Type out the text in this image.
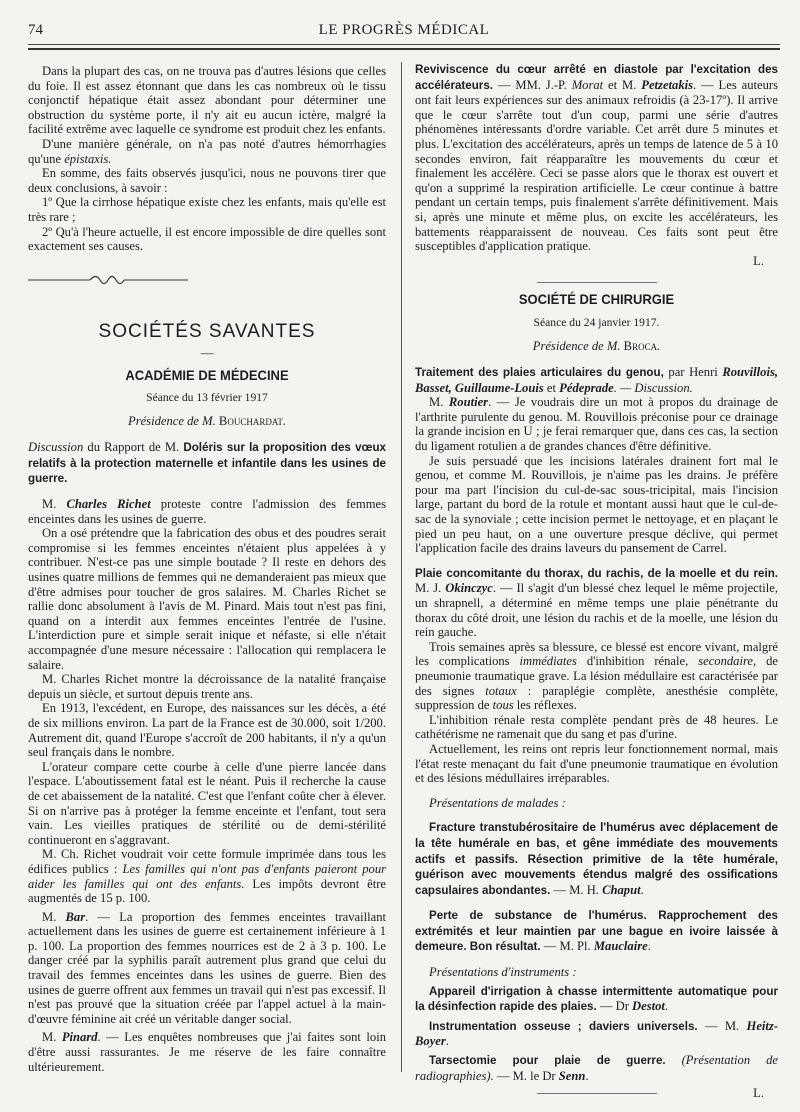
74	LE PROGRÈS MÉDICAL

Dans la plupart des cas, on ne trouva pas d'autres lésions que celles du foie. Il est assez étonnant que dans les cas nombreux où le tissu conjonctif hépatique était assez abondant pour déterminer une obstruction du système porte, il n'y ait eu aucun ictère, malgré la facilité extrême avec laquelle ce syndrome est produit chez les enfants.

D'une manière générale, on n'a pas noté d'autres hémorrhagies qu'une épistaxis.

En somme, des faits observés jusqu'ici, nous ne pouvons tirer que deux conclusions, à savoir :

1º Que la cirrhose hépatique existe chez les enfants, mais qu'elle est très rare ;

2º Qu'à l'heure actuelle, il est encore impossible de dire quelles sont exactement ses causes.

SOCIÉTÉS SAVANTES
—
ACADÉMIE DE MÉDECINE
Séance du 13 février 1917
Présidence de M. Bouchardat.

Discussion du Rapport de M. Doléris sur la proposition des vœux relatifs à la protection maternelle et infantile dans les usines de guerre.

M. Charles Richet proteste contre l'admission des femmes enceintes dans les usines de guerre.

On a osé prétendre que la fabrication des obus et des poudres serait compromise si les femmes enceintes n'étaient plus appelées à y contribuer. N'est-ce pas une simple boutade ? Il reste en dehors des usines quatre millions de femmes qui ne demanderaient pas mieux que d'être admises pour toucher de gros salaires. M. Charles Richet se rallie donc absolument à l'avis de M. Pinard. Mais tout n'est pas fini, quand on a interdit aux femmes enceintes l'entrée de l'usine. L'interdiction pure et simple serait inique et néfaste, si elle n'était accompagnée d'une mesure nécessaire : l'allocation qui remplacera le salaire.

M. Charles Richet montre la décroissance de la natalité française depuis un siècle, et surtout depuis trente ans.

En 1913, l'excédent, en Europe, des naissances sur les décès, a été de six millions environ. La part de la France est de 30.000, soit 1/200. Autrement dit, quand l'Europe s'accroît de 200 habitants, il n'y a qu'un seul français dans le nombre.

L'orateur compare cette courbe à celle d'une pierre lancée dans l'espace. L'aboutissement fatal est le néant. Puis il recherche la cause de cet abaissement de la natalité. C'est que l'enfant coûte cher à élever. Si on n'arrive pas à protéger la femme enceinte et l'enfant, tout sera vain. Les vieilles pratiques de stérilité ou de demi-stérilité continueront en s'aggravant.

M. Ch. Richet voudrait voir cette formule imprimée dans tous les édifices publics : Les familles qui n'ont pas d'enfants paieront pour aider les familles qui ont des enfants. Les impôts devront être augmentés de 15 p. 100.

M. Bar. — La proportion des femmes enceintes travaillant actuellement dans les usines de guerre est certainement inférieure à 1 p. 100. La proportion des femmes nourrices est de 2 à 3 p. 100. Le danger créé par la syphilis paraît autrement plus grand que celui du travail des femmes enceintes dans les usines de guerre. Bien des usines de guerre offrent aux femmes un travail qui n'est pas excessif. Il n'est pas prouvé que la situation créée par l'appel actuel à la main-d'œuvre féminine ait créé un véritable danger social.

M. Pinard. — Les enquêtes nombreuses que j'ai faites sont loin d'être aussi rassurantes. Je me réserve de les faire connaître ultérieurement.

Reviviscence du cœur arrêté en diastole par l'excitation des accélérateurs. — MM. J.-P. Morat et M. Petzetakis. — Les auteurs ont fait leurs expériences sur des animaux refroidis (à 23-17º). Il arrive que le cœur s'arrête tout d'un coup, parmi une série d'autres phénomènes intéressants d'ordre variable. Cet arrêt dure 5 minutes et plus. L'excitation des accélérateurs, après un temps de latence de 5 à 10 secondes environ, fait réapparaître les mouvements du cœur et finalement les accélère. Ceci se passe alors que le thorax est ouvert et qu'on a supprimé la respiration artificielle. Le cœur continue à battre pendant un certain temps, puis finalement s'arrête définitivement. Mais si, après une minute et même plus, on excite les accélérateurs, les battements réapparaissent de nouveau. Ces faits sont peut être susceptibles d'application pratique.

L.
SOCIÉTÉ DE CHIRURGIE
Séance du 24 janvier 1917.
Présidence de M. Broca.

Traitement des plaies articulaires du genou, par Henri Rouvillois, Basset, Guillaume-Louis et Pédeprade. — Discussion.

M. Routier. — Je voudrais dire un mot à propos du drainage de l'arthrite purulente du genou. M. Rouvillois préconise pour ce drainage la grande incision en U ; je ferai remarquer que, dans ces cas, la section du ligament rotulien a de grandes chances d'être définitive.

Je suis persuadé que les incisions latérales drainent fort mal le genou, et comme M. Rouvillois, je n'aime pas les drains. Je préfère pour ma part l'incision du cul-de-sac sous-tricipital, mais l'incision large, partant du bord de la rotule et montant aussi haut que le cul-de-sac de la synoviale ; cette incision permet le nettoyage, et en plaçant le pied un peu haut, on a une ouverture presque déclive, qui permet l'application facile des drains laveurs du pansement de Carrel.

Plaie concomitante du thorax, du rachis, de la moelle et du rein. M. J. Okinczyc. — Il s'agit d'un blessé chez lequel le même projectile, un shrapnell, a déterminé en même temps une plaie pénétrante du thorax du côté droit, une lésion du rachis et de la moelle, une lésion du rein gauche.

Trois semaines après sa blessure, ce blessé est encore vivant, malgré les complications immédiates d'inhibition rénale, secondaire, de pneumonie traumatique grave. La lésion médullaire est caractérisée par des signes totaux : paraplégie complète, anesthésie complète, suppression de tous les réflexes.

L'inhibition rénale resta complète pendant près de 48 heures. Le cathétérisme ne ramenait que du sang et pas d'urine.

Actuellement, les reins ont repris leur fonctionnement normal, mais l'état reste menaçant du fait d'une pneumonie traumatique en évolution et des lésions médullaires irréparables.

Présentations de malades :

Fracture transtubérositaire de l'humérus avec déplacement de la tête humérale en bas, et gêne immédiate des mouvements actifs et passifs. Résection primitive de la tête humérale, guérison avec mouvements étendus malgré des ossifications capsulaires abondantes. — M. H. Chaput.

Perte de substance de l'humérus. Rapprochement des extrémités et leur maintien par une bague en ivoire laissée à demeure. Bon résultat. — M. Pl. Mauclaire.

Présentations d'instruments :

Appareil d'irrigation à chasse intermittente automatique pour la désinfection rapide des plaies. — Dr Destot.

Instrumentation osseuse ; daviers universels. — M. Heitz-Boyer.

Tarsectomie pour plaie de guerre. (Présentation de radiographies). — M. le Dr Senn.

L.
